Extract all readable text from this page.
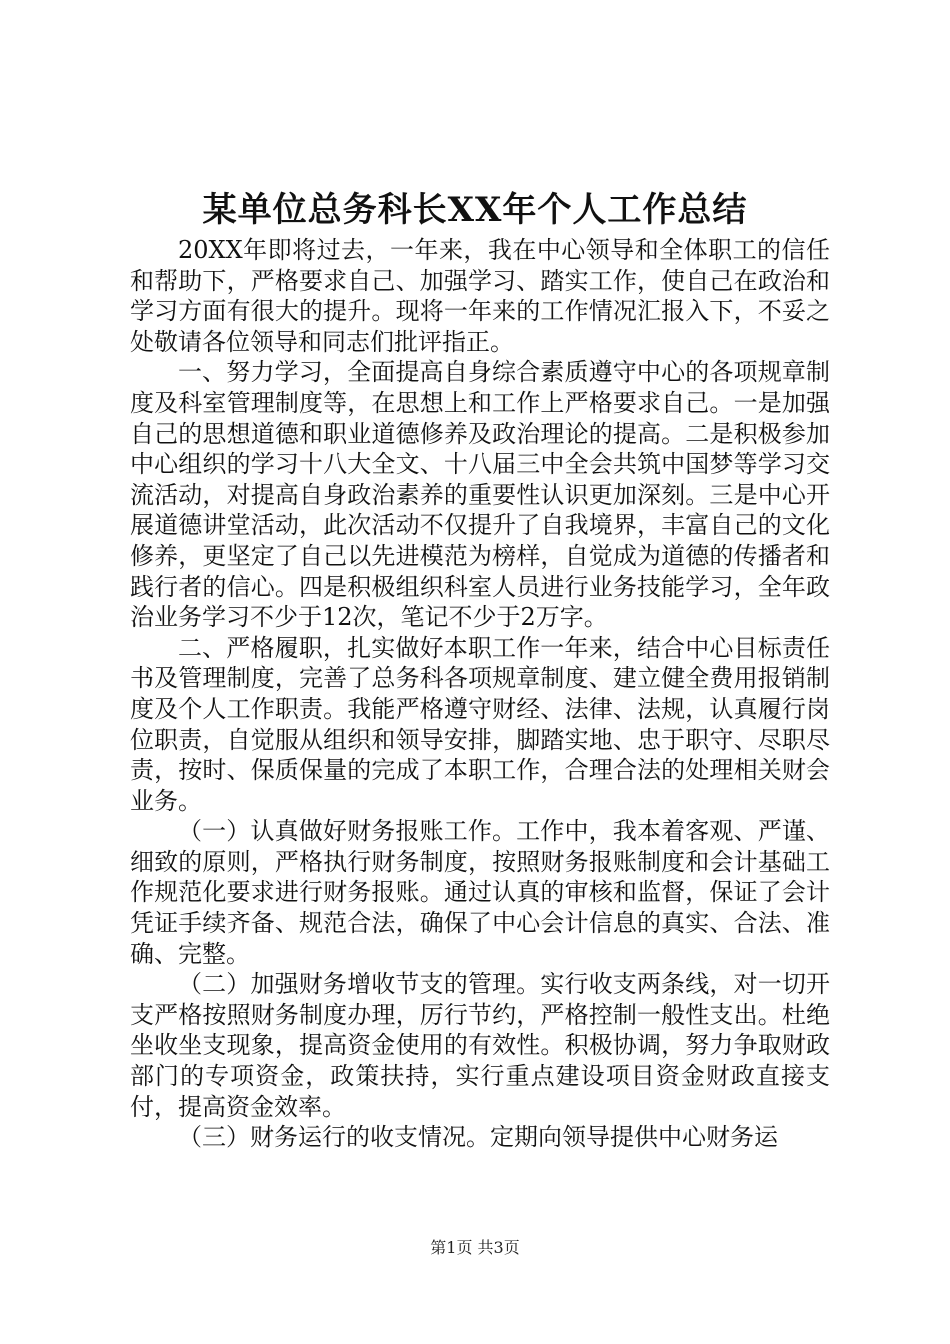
某单位总务科长XX年个人工作总结

20XX年即将过去，一年来，我在中心领导和全体职工的信任和帮助下，严格要求自己、加强学习、踏实工作，使自己在政治和学习方面有很大的提升。现将一年来的工作情况汇报入下，不妥之处敬请各位领导和同志们批评指正。

一、努力学习，全面提高自身综合素质遵守中心的各项规章制度及科室管理制度等，在思想上和工作上严格要求自己。一是加强自己的思想道德和职业道德修养及政治理论的提高。二是积极参加中心组织的学习十八大全文、十八届三中全会共筑中国梦等学习交流活动，对提高自身政治素养的重要性认识更加深刻。三是中心开展道德讲堂活动，此次活动不仅提升了自我境界，丰富自己的文化修养，更坚定了自己以先进模范为榜样，自觉成为道德的传播者和践行者的信心。四是积极组织科室人员进行业务技能学习，全年政治业务学习不少于12次，笔记不少于2万字。

二、严格履职，扎实做好本职工作一年来，结合中心目标责任书及管理制度，完善了总务科各项规章制度、建立健全费用报销制度及个人工作职责。我能严格遵守财经、法律、法规，认真履行岗位职责，自觉服从组织和领导安排，脚踏实地、忠于职守、尽职尽责，按时、保质保量的完成了本职工作，合理合法的处理相关财会业务。

（一）认真做好财务报账工作。工作中，我本着客观、严谨、细致的原则，严格执行财务制度，按照财务报账制度和会计基础工作规范化要求进行财务报账。通过认真的审核和监督，保证了会计凭证手续齐备、规范合法，确保了中心会计信息的真实、合法、准确、完整。

（二）加强财务增收节支的管理。实行收支两条线，对一切开支严格按照财务制度办理，厉行节约，严格控制一般性支出。杜绝坐收坐支现象，提高资金使用的有效性。积极协调，努力争取财政部门的专项资金，政策扶持，实行重点建设项目资金财政直接支付，提高资金效率。

（三）财务运行的收支情况。定期向领导提供中心财务运

第1页 共3页
